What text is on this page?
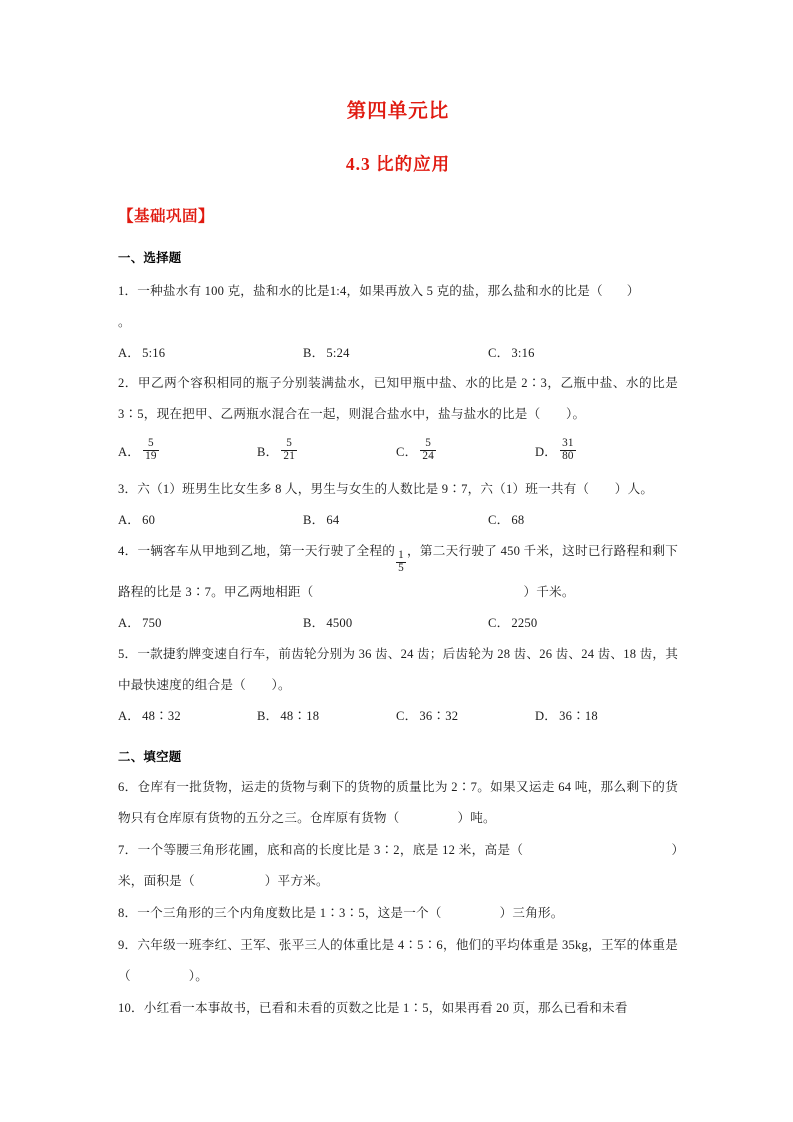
第四单元比
4.3 比的应用
【基础巩固】
一、选择题
1．一种盐水有 100 克，盐和水的比是1:4，如果再放入 5 克的盐，那么盐和水的比是（ ）
。
A． 5:16	B． 5:24	C． 3:16
2．甲乙两个容积相同的瓶子分别装满盐水，已知甲瓶中盐、水的比是 2∶3，乙瓶中盐、水的比是 3∶5，现在把甲、乙两瓶水混合在一起，则混合盐水中，盐与盐水的比是（　　）。
A． $\frac{5}{19}$	B． $\frac{5}{21}$	C． $\frac{5}{24}$	D． $\frac{31}{80}$
3．六（1）班男生比女生多 8 人，男生与女生的人数比是 9∶7，六（1）班一共有（　　）人。
A． 60	B． 64	C． 68
4．一辆客车从甲地到乙地，第一天行驶了全程的 $\frac{1}{5}$ ，第二天行驶了 450 千米，这时已行路程和剩下路程的比是 3∶7。甲乙两地相距（	）千米。
A． 750	B． 4500	C． 2250
5．一款捷豹牌变速自行车，前齿轮分别为 36 齿、24 齿；后齿轮为 28 齿、26 齿、24 齿、18 齿，其中最快速度的组合是（　　）。
A． 48∶32	B． 48∶18	C． 36∶32	D． 36∶18
二、填空题
6．仓库有一批货物，运走的货物与剩下的货物的质量比为 2∶7。如果又运走 64 吨，那么剩下的货物只有仓库原有货物的五分之三。仓库原有货物（	）吨。
7．一个等腰三角形花圃，底和高的长度比是 3∶2，底是 12 米，高是（	）米，面积是（	）平方米。
8．一个三角形的三个内角度数比是 1∶3∶5，这是一个（	）三角形。
9．六年级一班李红、王军、张平三人的体重比是 4∶5∶6，他们的平均体重是 35kg，王军的体重是（	）。
10．小红看一本事故书，已看和未看的页数之比是 1∶5，如果再看 20 页，那么已看和未看
